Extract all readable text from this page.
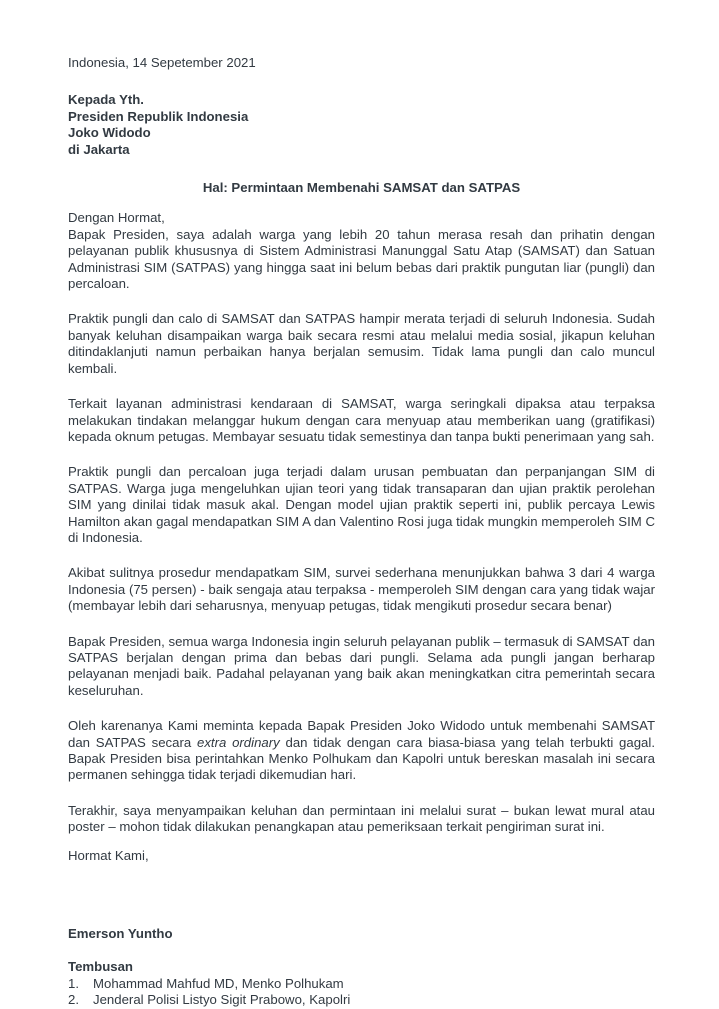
Indonesia, 14 Sepetember 2021
Kepada Yth.
Presiden Republik Indonesia
Joko Widodo
di Jakarta
Hal: Permintaan Membenahi SAMSAT dan SATPAS
Dengan Hormat,
Bapak Presiden, saya adalah warga yang lebih 20 tahun merasa resah dan prihatin dengan pelayanan publik khususnya di Sistem Administrasi Manunggal Satu Atap (SAMSAT) dan Satuan Administrasi SIM (SATPAS) yang hingga saat ini belum bebas dari praktik pungutan liar (pungli) dan percaloan.

Praktik pungli dan calo di SAMSAT dan SATPAS hampir merata terjadi di seluruh Indonesia. Sudah banyak keluhan disampaikan warga baik secara resmi atau melalui media sosial, jikapun keluhan ditindaklanjuti namun perbaikan hanya berjalan semusim. Tidak lama pungli dan calo muncul kembali.

Terkait layanan administrasi kendaraan di SAMSAT, warga seringkali dipaksa atau terpaksa melakukan tindakan melanggar hukum dengan cara menyuap atau memberikan uang (gratifikasi) kepada oknum petugas. Membayar sesuatu tidak semestinya dan tanpa bukti penerimaan yang sah.

Praktik pungli dan percaloan juga terjadi dalam urusan pembuatan dan perpanjangan SIM di SATPAS. Warga juga mengeluhkan ujian teori yang tidak transaparan dan ujian praktik perolehan SIM yang dinilai tidak masuk akal. Dengan model ujian praktik seperti ini, publik percaya Lewis Hamilton akan gagal mendapatkan SIM A dan Valentino Rosi juga tidak mungkin memperoleh SIM C di Indonesia.

Akibat sulitnya prosedur mendapatkam SIM, survei sederhana menunjukkan bahwa 3 dari 4 warga Indonesia (75 persen) - baik sengaja atau terpaksa - memperoleh SIM dengan cara yang tidak wajar (membayar lebih dari seharusnya, menyuap petugas, tidak mengikuti prosedur secara benar)

Bapak Presiden, semua warga Indonesia ingin seluruh pelayanan publik – termasuk di SAMSAT dan SATPAS berjalan dengan prima dan bebas dari pungli. Selama ada pungli jangan berharap pelayanan menjadi baik. Padahal pelayanan yang baik akan meningkatkan citra pemerintah secara keseluruhan.

Oleh karenanya Kami meminta kepada Bapak Presiden Joko Widodo untuk membenahi SAMSAT dan SATPAS secara extra ordinary dan tidak dengan cara biasa-biasa yang telah terbukti gagal. Bapak Presiden bisa perintahkan Menko Polhukam dan Kapolri untuk bereskan masalah ini secara permanen sehingga tidak terjadi dikemudian hari.

Terakhir, saya menyampaikan keluhan dan permintaan ini melalui surat – bukan lewat mural atau poster – mohon tidak dilakukan penangkapan atau pemeriksaan terkait pengiriman surat ini.

Hormat Kami,
Emerson Yuntho
Tembusan
1.	Mohammad Mahfud MD, Menko Polhukam
2.	Jenderal Polisi Listyo Sigit Prabowo, Kapolri
